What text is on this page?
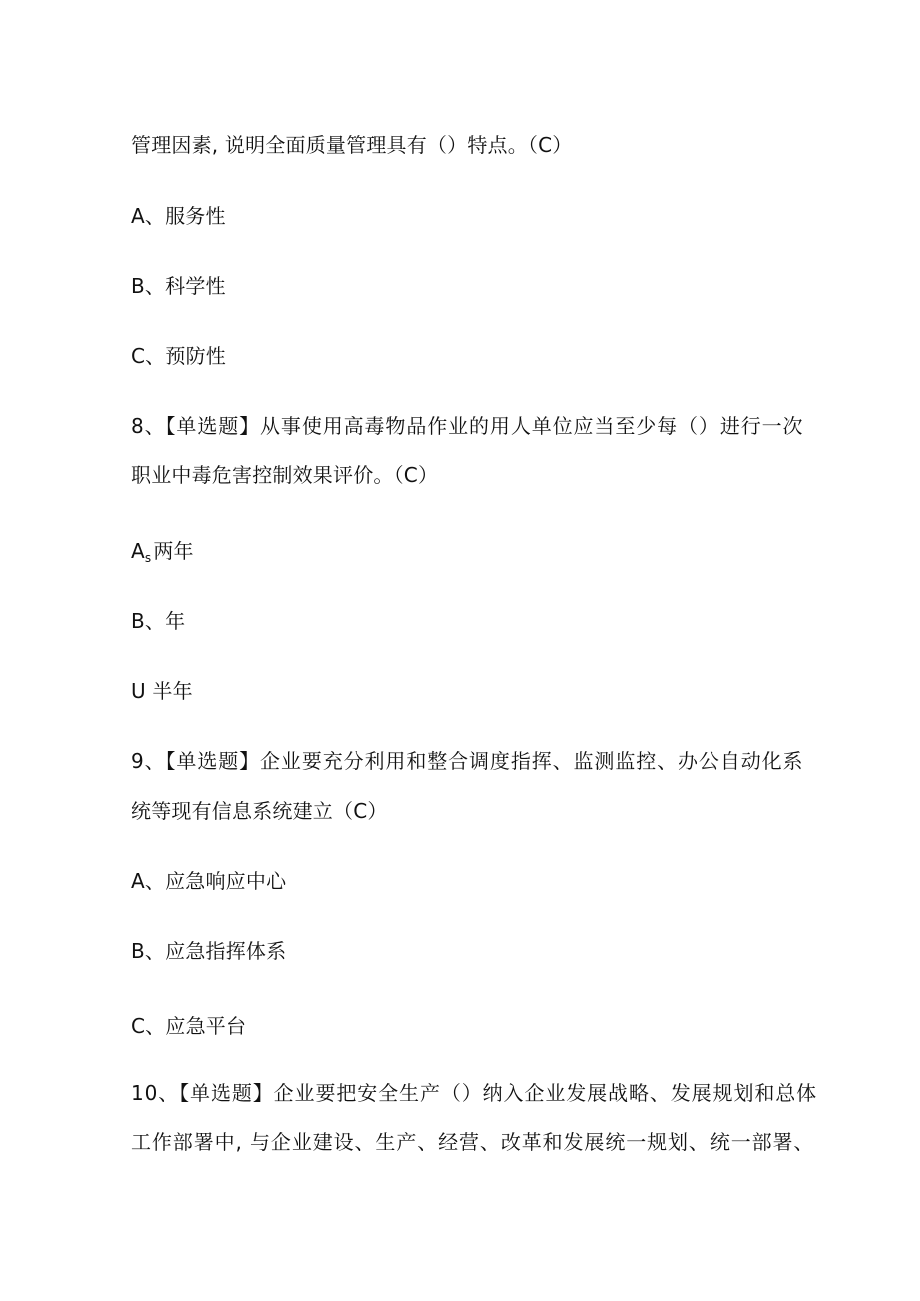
管理因素, 说明全面质量管理具有（）特点。（C）
A、服务性
B、科学性
C、预防性
8、【单选题】从事使用高毒物品作业的用人单位应当至少每（）进行一次
职业中毒危害控制效果评价。（C）
$A_s$ 两年
B、年
U 半年
9、【单选题】企业要充分利用和整合调度指挥、监测监控、办公自动化系
统等现有信息系统建立（C）
A、应急响应中心
B、应急指挥体系
C、应急平台
10、【单选题】企业要把安全生产（）纳入企业发展战略、发展规划和总体
工作部署中, 与企业建设、生产、经营、改革和发展统一规划、统一部署、
